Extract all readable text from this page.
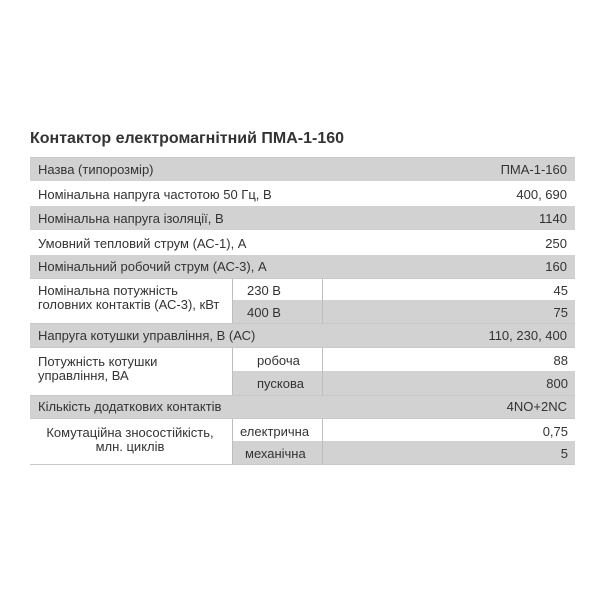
Контактор електромагнітний ПМА-1-160
Назва (типорозмір)	ПМА-1-160
Номінальна напруга частотою 50 Гц, В	400, 690
Номінальна напруга ізоляції, В	1140
Умовний тепловий струм (АС-1), А	250
Номінальний робочий струм (АС-3), А	160
Номінальна потужність
головних контактів (АС-3), кВт
230 В	45
400 В	75
Напруга котушки управління, В (АС)	110, 230, 400
Потужність котушки
управління, ВА
робоча	88
пускова	800
Кількість додаткових контактів	4NO+2NC
Комутаційна зносостійкість,
млн. циклів
електрична	0,75
механічна	5
